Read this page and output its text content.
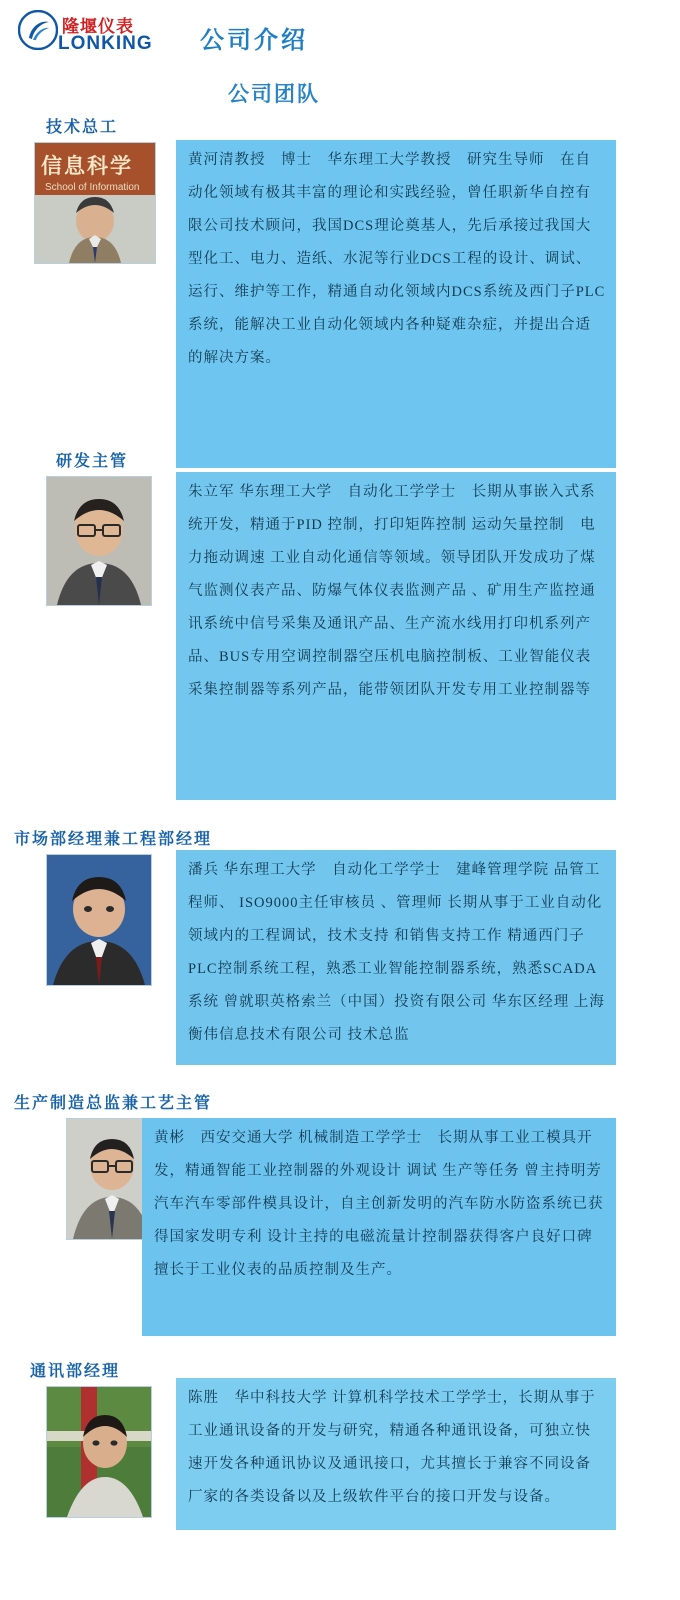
隆堰仪表
LONKING 公司介绍
公司团队
技术总工
信息科学
School of Information
黄河清教授　博士　华东理工大学教授　研究生导师　在自动化领域有极其丰富的理论和实践经验，曾任职新华自控有限公司技术顾问，我国DCS理论奠基人，先后承接过我国大型化工、电力、造纸、水泥等行业DCS工程的设计、调试、运行、维护等工作，精通自动化领域内DCS系统及西门子PLC系统，能解决工业自动化领域内各种疑难杂症，并提出合适的解决方案。
研发主管
朱立军 华东理工大学　自动化工学学士　长期从事嵌入式系统开发，精通于PID 控制，打印矩阵控制 运动矢量控制　电力拖动调速 工业自动化通信等领域。领导团队开发成功了煤气监测仪表产品、防爆气体仪表监测产品 、矿用生产监控通讯系统中信号采集及通讯产品、生产流水线用打印机系列产品、BUS专用空调控制器空压机电脑控制板、工业智能仪表采集控制器等系列产品，能带领团队开发专用工业控制器等
市场部经理兼工程部经理
潘兵 华东理工大学　自动化工学学士　建峰管理学院 品管工程师、 ISO9000主任审核员 、管理师 长期从事于工业自动化领域内的工程调试，技术支持 和销售支持工作 精通西门子PLC控制系统工程，熟悉工业智能控制器系统，熟悉SCADA系统 曾就职英格索兰（中国）投资有限公司 华东区经理 上海衡伟信息技术有限公司 技术总监
生产制造总监兼工艺主管
黄彬　西安交通大学 机械制造工学学士　长期从事工业工模具开发，精通智能工业控制器的外观设计 调试 生产等任务 曾主持明芳汽车汽车零部件模具设计，自主创新发明的汽车防水防盗系统已获得国家发明专利 设计主持的电磁流量计控制器获得客户良好口碑 擅长于工业仪表的品质控制及生产。
通讯部经理
陈胜　华中科技大学 计算机科学技术工学学士，长期从事于工业通讯设备的开发与研究，精通各种通讯设备，可独立快速开发各种通讯协议及通讯接口，尤其擅长于兼容不同设备厂家的各类设备以及上级软件平台的接口开发与设备。
